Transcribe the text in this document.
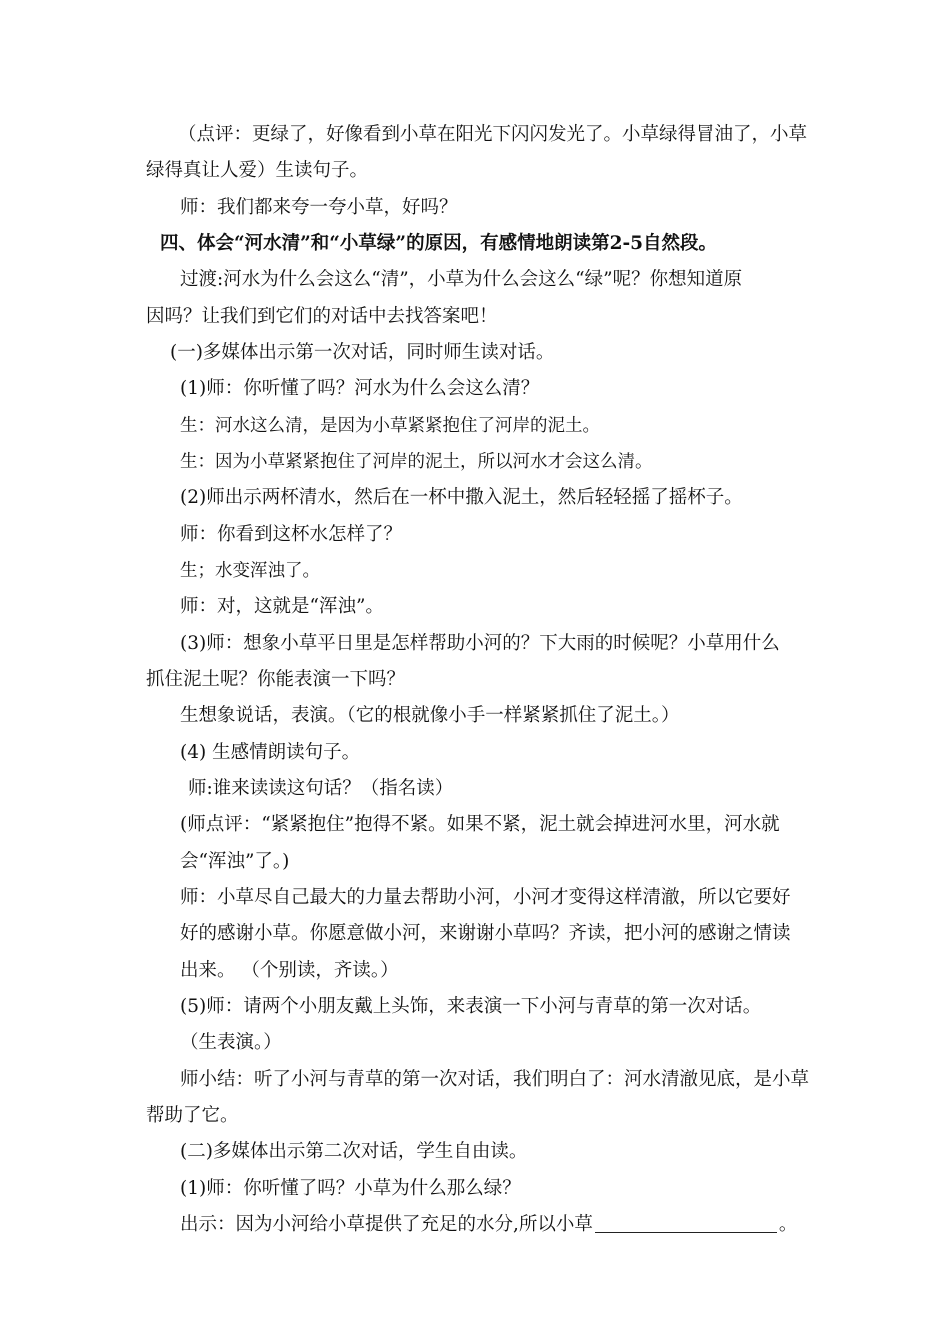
（点评：更绿了，好像看到小草在阳光下闪闪发光了。小草绿得冒油了，小草
绿得真让人爱）生读句子。
师：我们都来夸一夸小草，好吗？
四、体会“河水清”和“小草绿”的原因，有感情地朗读第2-5自然段。
过渡:河水为什么会这么“清”，小草为什么会这么“绿”呢？你想知道原
因吗？让我们到它们的对话中去找答案吧！
(一)多媒体出示第一次对话，同时师生读对话。
(1)师：你听懂了吗？河水为什么会这么清？
生：河水这么清，是因为小草紧紧抱住了河岸的泥土。
生：因为小草紧紧抱住了河岸的泥土，所以河水才会这么清。
(2)师出示两杯清水，然后在一杯中撒入泥土，然后轻轻摇了摇杯子。
师：你看到这杯水怎样了？
生；水变浑浊了。
师：对，这就是“浑浊”。
(3)师：想象小草平日里是怎样帮助小河的？下大雨的时候呢？小草用什么
抓住泥土呢？你能表演一下吗？
生想象说话，表演。（它的根就像小手一样紧紧抓住了泥土。）
(4) 生感情朗读句子。
师:谁来读读这句话？（指名读）
(师点评：“紧紧抱住”抱得不紧。如果不紧，泥土就会掉进河水里，河水就
会“浑浊”了。)
师：小草尽自己最大的力量去帮助小河，小河才变得这样清澈，所以它要好
好的感谢小草。你愿意做小河，来谢谢小草吗？齐读，把小河的感谢之情读
出来。 （个别读，齐读。）
(5)师：请两个小朋友戴上头饰，来表演一下小河与青草的第一次对话。
（生表演。）
师小结：听了小河与青草的第一次对话，我们明白了：河水清澈见底，是小草
帮助了它。
(二)多媒体出示第二次对话，学生自由读。
(1)师：你听懂了吗？小草为什么那么绿？
出示：因为小河给小草提供了充足的水分,所以小草	。
